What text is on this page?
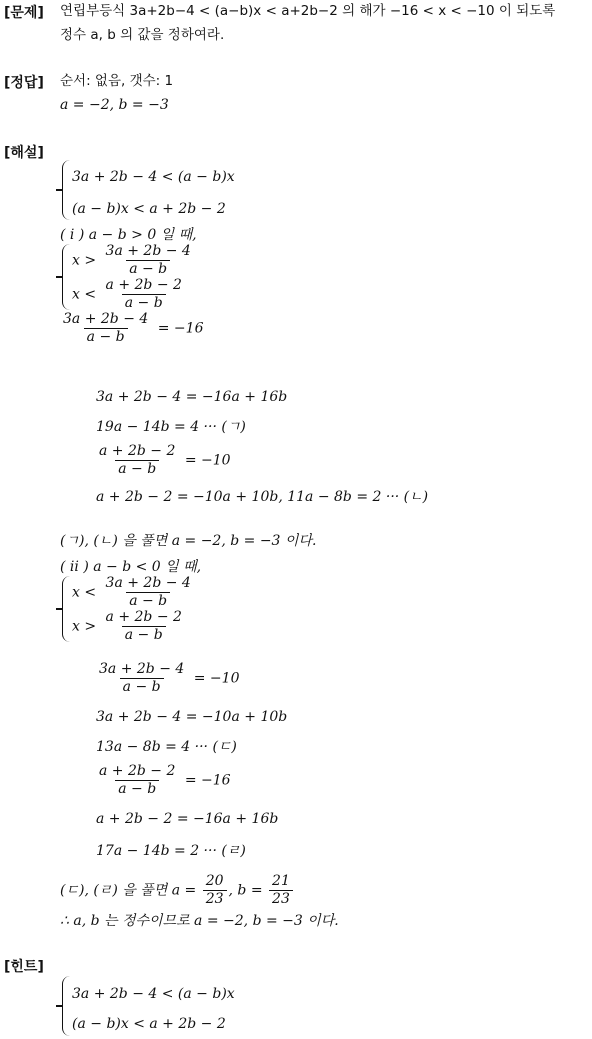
[문제] 연립부등식 3a+2b−4 < (a−b)x < a+2b−2 의 해가 −16 < x < −10 이 되도록
정수 a, b 의 값을 정하여라.
[정답] 순서: 없음, 갯수: 1
a = −2, b = −3
[해설]
3a + 2b − 4 < (a − b)x
(a − b)x < a + 2b − 2
( i ) a − b > 0 일 때,
$x > \frac{3a + 2b - 4}{a - b}$
$x < \frac{a + 2b - 2}{a - b}$
$\frac{3a + 2b - 4}{a - b} = -16$
3a + 2b − 4 = −16a + 16b
19a − 14b = 4 ··· (ㄱ)
$\frac{a + 2b - 2}{a - b} = -10$
a + 2b − 2 = −10a + 10b, 11a − 8b = 2 ··· (ㄴ)
(ㄱ), (ㄴ) 을 풀면 a = −2, b = −3 이다.
( ii ) a − b < 0 일 때,
$x < \frac{3a + 2b - 4}{a - b}$
$x > \frac{a + 2b - 2}{a - b}$
$\frac{3a + 2b - 4}{a - b} = -10$
3a + 2b − 4 = −10a + 10b
13a − 8b = 4 ··· (ㄷ)
$\frac{a + 2b - 2}{a - b} = -16$
a + 2b − 2 = −16a + 16b
17a − 14b = 2 ··· (ㄹ)
(ㄷ), (ㄹ) 을 풀면 $a = \frac{20}{23}$ , $b = \frac{21}{23}$
∴ a, b 는 정수이므로 a = −2, b = −3 이다.
[힌트]
3a + 2b − 4 < (a − b)x
(a − b)x < a + 2b − 2
